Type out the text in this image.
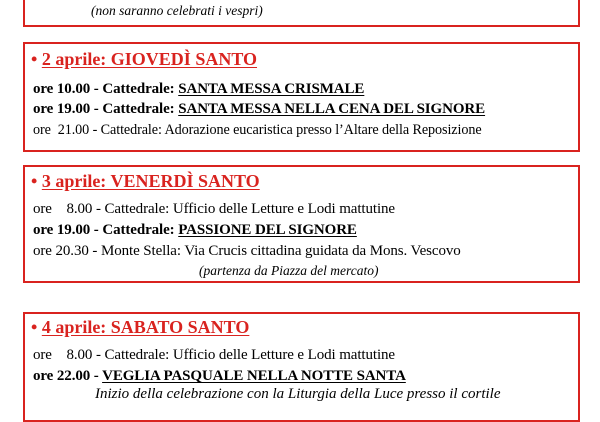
(non saranno celebrati i vespri)
• 2 aprile: GIOVEDÌ SANTO
ore 10.00 - Cattedrale: SANTA MESSA CRISMALE
ore 19.00 - Cattedrale: SANTA MESSA NELLA CENA DEL SIGNORE
ore  21.00 - Cattedrale: Adorazione eucaristica presso l’Altare della Reposizione
• 3 aprile: VENERDÌ SANTO
ore    8.00 - Cattedrale: Ufficio delle Letture e Lodi mattutine
ore 19.00 - Cattedrale: PASSIONE DEL SIGNORE
ore 20.30 - Monte Stella: Via Crucis cittadina guidata da Mons. Vescovo
(partenza da Piazza del mercato)
• 4 aprile: SABATO SANTO
ore    8.00 - Cattedrale: Ufficio delle Letture e Lodi mattutine
ore 22.00 - VEGLIA PASQUALE NELLA NOTTE SANTA
Inizio della celebrazione con la Liturgia della Luce presso il cortile
